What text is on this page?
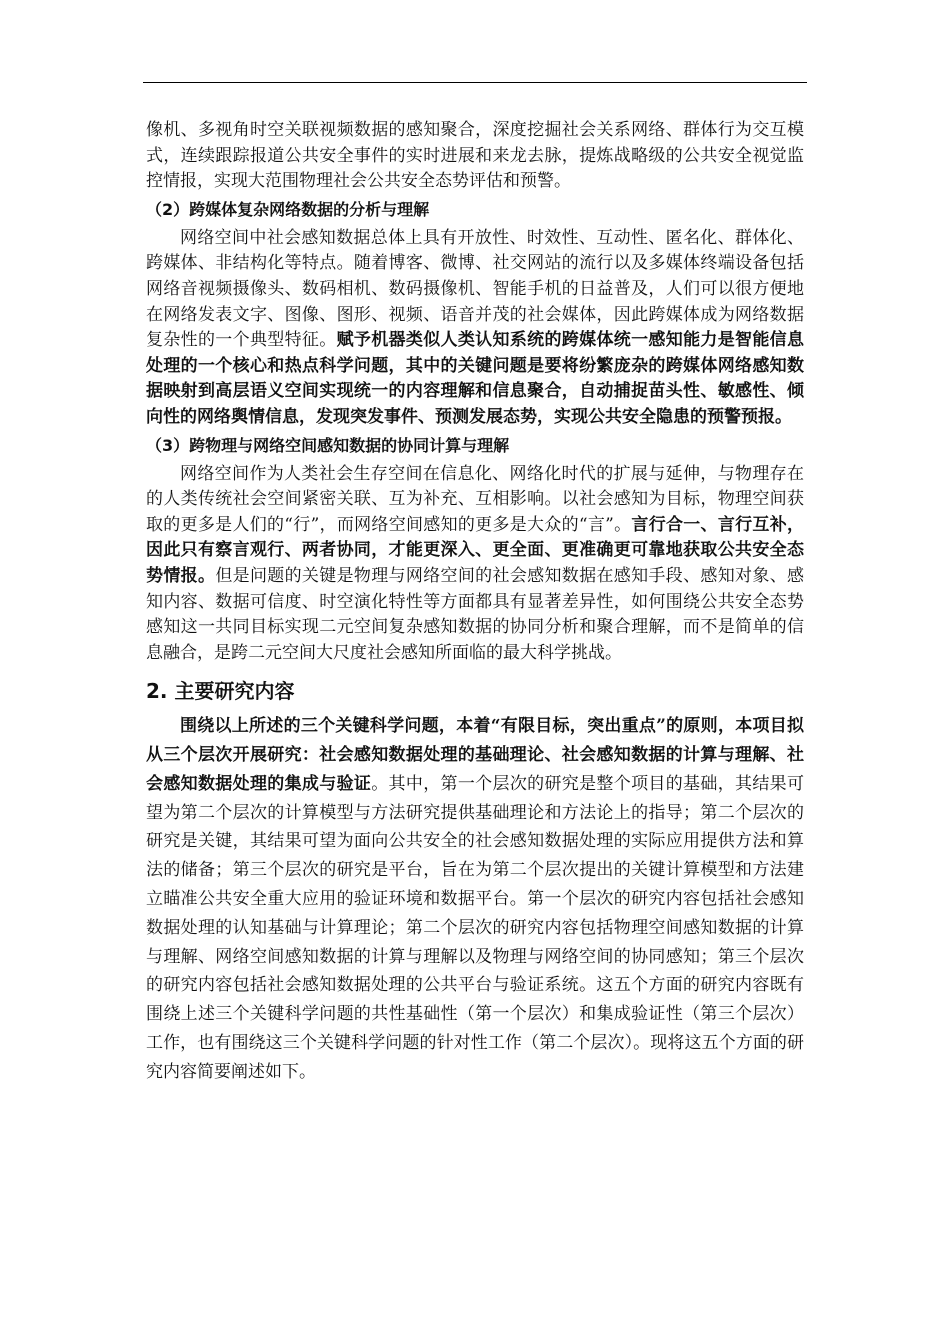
像机、多视角时空关联视频数据的感知聚合，深度挖掘社会关系网络、群体行为交互模式，连续跟踪报道公共安全事件的实时进展和来龙去脉，提炼战略级的公共安全视觉监控情报，实现大范围物理社会公共安全态势评估和预警。

（2）跨媒体复杂网络数据的分析与理解

网络空间中社会感知数据总体上具有开放性、时效性、互动性、匿名化、群体化、跨媒体、非结构化等特点。随着博客、微博、社交网站的流行以及多媒体终端设备包括网络音视频摄像头、数码相机、数码摄像机、智能手机的日益普及，人们可以很方便地在网络发表文字、图像、图形、视频、语音并茂的社会媒体，因此跨媒体成为网络数据复杂性的一个典型特征。赋予机器类似人类认知系统的跨媒体统一感知能力是智能信息处理的一个核心和热点科学问题，其中的关键问题是要将纷繁庞杂的跨媒体网络感知数据映射到高层语义空间实现统一的内容理解和信息聚合，自动捕捉苗头性、敏感性、倾向性的网络舆情信息，发现突发事件、预测发展态势，实现公共安全隐患的预警预报。

（3）跨物理与网络空间感知数据的协同计算与理解

网络空间作为人类社会生存空间在信息化、网络化时代的扩展与延伸，与物理存在的人类传统社会空间紧密关联、互为补充、互相影响。以社会感知为目标，物理空间获取的更多是人们的“行”，而网络空间感知的更多是大众的“言”。言行合一、言行互补，因此只有察言观行、两者协同，才能更深入、更全面、更准确更可靠地获取公共安全态势情报。但是问题的关键是物理与网络空间的社会感知数据在感知手段、感知对象、感知内容、数据可信度、时空演化特性等方面都具有显著差异性，如何围绕公共安全态势感知这一共同目标实现二元空间复杂感知数据的协同分析和聚合理解，而不是简单的信息融合，是跨二元空间大尺度社会感知所面临的最大科学挑战。

2. 主要研究内容

围绕以上所述的三个关键科学问题，本着“有限目标，突出重点”的原则，本项目拟从三个层次开展研究：社会感知数据处理的基础理论、社会感知数据的计算与理解、社会感知数据处理的集成与验证。其中，第一个层次的研究是整个项目的基础，其结果可望为第二个层次的计算模型与方法研究提供基础理论和方法论上的指导；第二个层次的研究是关键，其结果可望为面向公共安全的社会感知数据处理的实际应用提供方法和算法的储备；第三个层次的研究是平台，旨在为第二个层次提出的关键计算模型和方法建立瞄准公共安全重大应用的验证环境和数据平台。第一个层次的研究内容包括社会感知数据处理的认知基础与计算理论；第二个层次的研究内容包括物理空间感知数据的计算与理解、网络空间感知数据的计算与理解以及物理与网络空间的协同感知；第三个层次的研究内容包括社会感知数据处理的公共平台与验证系统。这五个方面的研究内容既有围绕上述三个关键科学问题的共性基础性（第一个层次）和集成验证性（第三个层次）工作，也有围绕这三个关键科学问题的针对性工作（第二个层次）。现将这五个方面的研究内容简要阐述如下。
